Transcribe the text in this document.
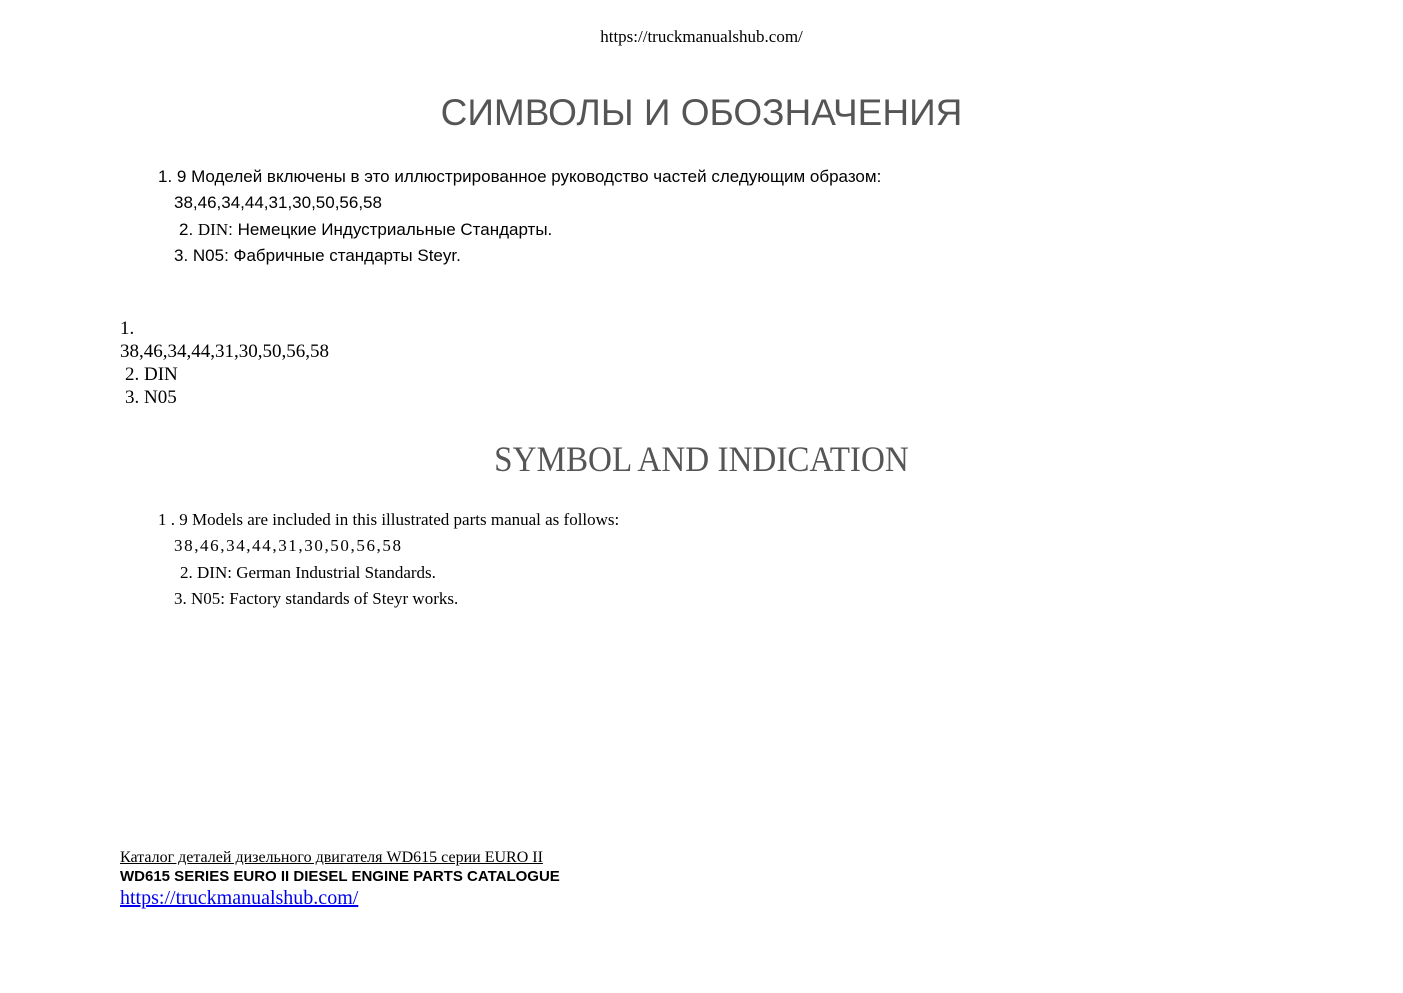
https://truckmanualshub.com/
СИМВОЛЫ И ОБОЗНАЧЕНИЯ
1. 9 Моделей включены в это иллюстрированное руководство частей следующим образом:
38,46,34,44,31,30,50,56,58
2. DIN: Немецкие Индустриальные Стандарты.
3. N05: Фабричные стандарты Steyr.
1.
38,46,34,44,31,30,50,56,58
2. DIN
3. N05
SYMBOL AND INDICATION
1 . 9 Models are included in this illustrated parts manual as follows:
38,46,34,44,31,30,50,56,58
2. DIN: German Industrial Standards.
3. N05: Factory standards of Steyr works.
Каталог деталей дизельного двигателя WD615 серии EURO II
WD615 SERIES EURO II DIESEL ENGINE PARTS CATALOGUE
https://truckmanualshub.com/
